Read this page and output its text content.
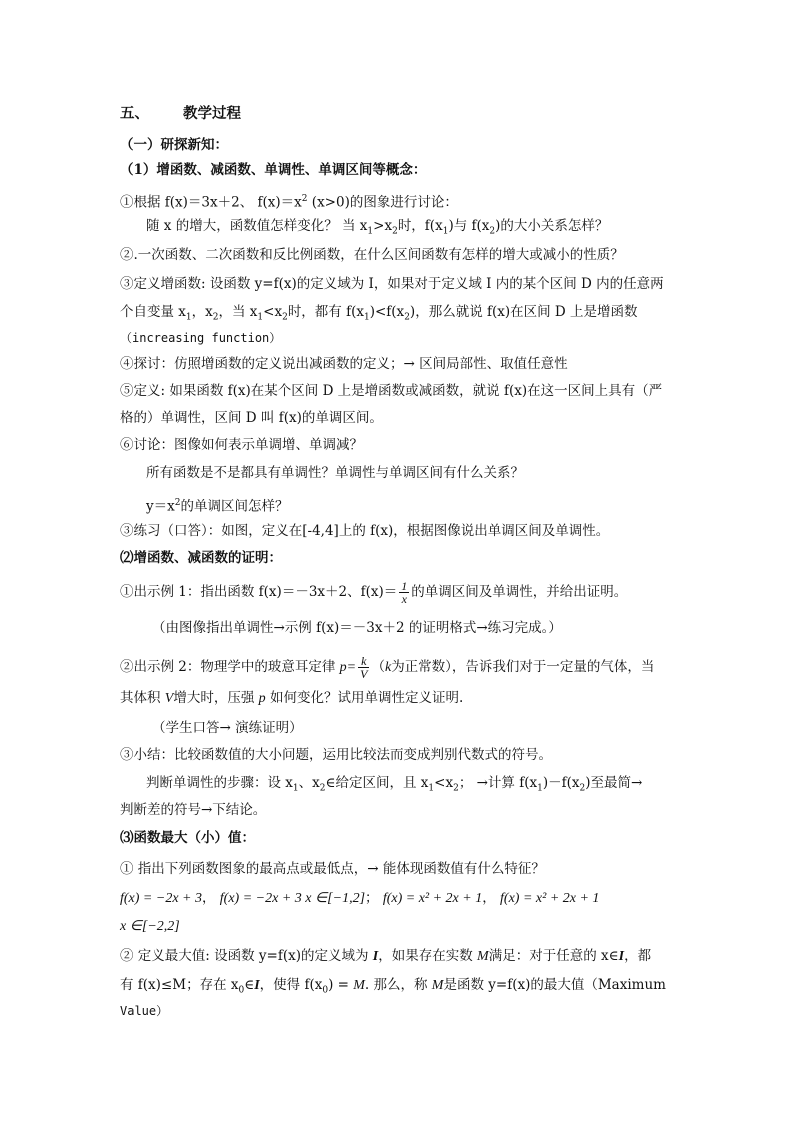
五、 教学过程
（一）研探新知：
（1）增函数、减函数、单调性、单调区间等概念：
①根据 f(x)＝3x＋2、 $f(x)=x^2$ (x>0)的图象进行讨论：
随 x 的增大，函数值怎样变化？ 当 $x_1>x_2$时，$f(x_1)$与 $f(x_2)$的大小关系怎样？
②.一次函数、二次函数和反比例函数，在什么区间函数有怎样的增大或减小的性质？
③定义增函数: 设函数 y=f(x)的定义域为 I，如果对于定义域 I 内的某个区间 D 内的任意两
个自变量 $x_1$，$x_2$，当 $x_1<x_2$时，都有 $f(x_1)<f(x_2)$，那么就说 f(x)在区间 D 上是增函数
（increasing function）
④探讨：仿照增函数的定义说出减函数的定义；→ 区间局部性、取值任意性
⑤定义: 如果函数 f(x)在某个区间 D 上是增函数或减函数，就说 f(x)在这一区间上具有（严
格的）单调性，区间 D 叫 f(x)的单调区间。
⑥讨论：图像如何表示单调增、单调减？
所有函数是不是都具有单调性？单调性与单调区间有什么关系？
$y=x^2$的单调区间怎样？
③练习（口答）：如图，定义在[-4,4]上的 f(x)，根据图像说出单调区间及单调性。
⑵增函数、减函数的证明：
①出示例 1：指出函数 f(x)＝－3x＋2、$f(x)= \frac{1}{x}$ 的单调区间及单调性，并给出证明。
（由图像指出单调性→示例 f(x)＝－3x＋2 的证明格式→练习完成。）
②出示例 2：物理学中的玻意耳定律 $p= \frac{k}{V} (k$为正常数），告诉我们对于一定量的气体，当
其体积 V增大时，压强 p 如何变化？试用单调性定义证明.
（学生口答→ 演练证明）
③小结：比较函数值的大小问题，运用比较法而变成判别代数式的符号。
判断单调性的步骤：设 $x_1$、$x_2\in$给定区间，且 $x_1<x_2$； →计算 $f(x_1)-f(x_2)$至最简→
判断差的符号→下结论。
⑶函数最大（小）值：
① 指出下列函数图象的最高点或最低点，→ 能体现函数值有什么特征？
f(x) = −2x + 3， f(x) = −2x + 3 x ∈[−1,2]； f(x) = x² + 2x + 1， f(x) = x² + 2x + 1
x ∈[−2,2]
② 定义最大值: 设函数 y=f(x)的定义域为 I，如果存在实数 M满足：对于任意的 x∈I，都
有 f(x)≤M；存在 $x_0\in I$，使得 $f(x_0) = M$. 那么，称 M是函数 y=f(x)的最大值（Maximum
Value）
